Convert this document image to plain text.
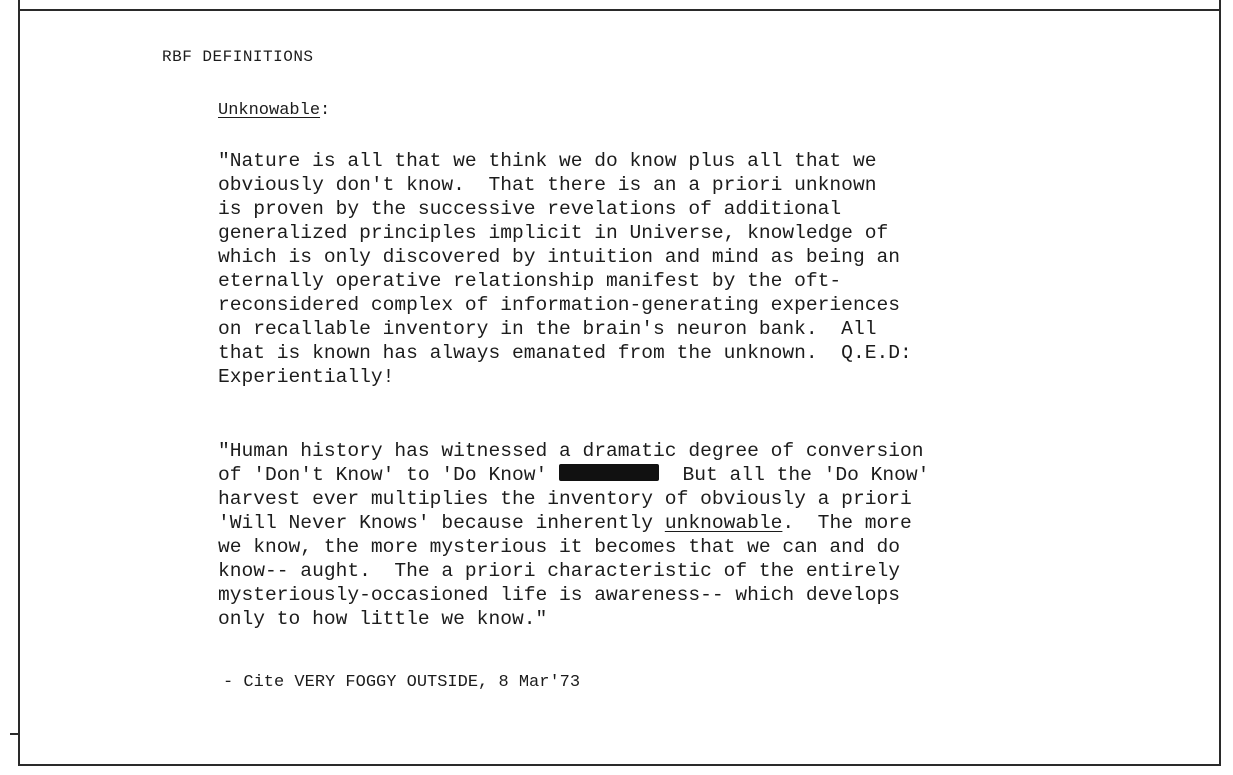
RBF DEFINITIONS

Unknowable:

"Nature is all that we think we do know plus all that we
obviously don't know.  That there is an a priori unknown
is proven by the successive revelations of additional
generalized principles implicit in Universe, knowledge of
which is only discovered by intuition and mind as being an
eternally operative relationship manifest by the oft-
reconsidered complex of information-generating experiences
on recallable inventory in the brain's neuron bank.  All
that is known has always emanated from the unknown.  Q.E.D:
Experientially!

"Human history has witnessed a dramatic degree of conversion
of 'Don't Know' to 'Do Know'	But all the 'Do Know'
harvest ever multiplies the inventory of obviously a priori
'Will Never Knows' because inherently unknowable.  The more
we know, the more mysterious it becomes that we can and do
know-- aught.  The a priori characteristic of the entirely
mysteriously-occasioned life is awareness-- which develops
only to how little we know."

- Cite VERY FOGGY OUTSIDE, 8 Mar'73
